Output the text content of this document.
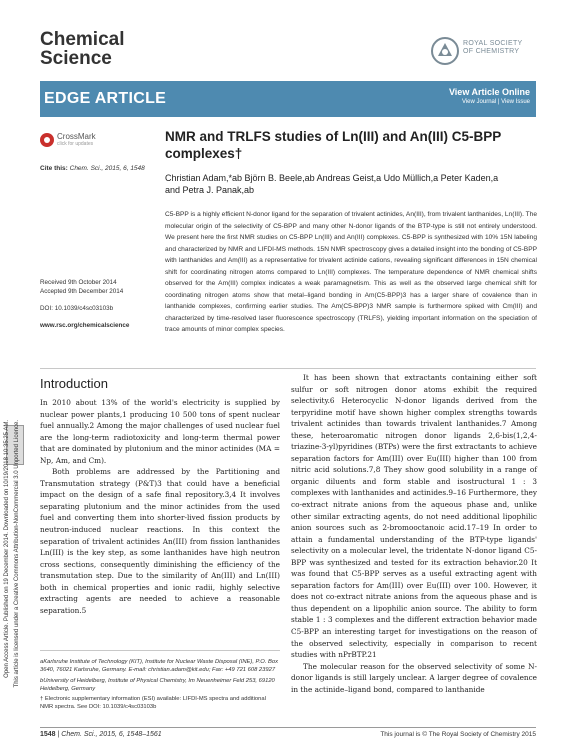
Open Access Article. Published on 19 December 2014. Downloaded on 10/19/2018 10:35:25 AM. This article is licensed under a Creative Commons Attribution-NonCommercial 3.0 Unported Licence.
Chemical
Science
ROYAL SOCIETY
OF CHEMISTRY
EDGE ARTICLE	View Article Online
View Journal | View Issue
CrossMark
click for updates
Cite this: Chem. Sci., 2015, 6, 1548
NMR and TRLFS studies of Ln(III) and An(III) C5-BPP complexes†
Christian Adam,*ab Björn B. Beele,ab Andreas Geist,a Udo Müllich,a Peter Kaden,a
and Petra J. Panak,ab

C5-BPP is a highly efficient N-donor ligand for the separation of trivalent actinides, An(III), from trivalent lanthanides, Ln(III). The molecular origin of the selectivity of C5-BPP and many other N-donor ligands of the BTP-type is still not entirely understood. We present here the first NMR studies on C5-BPP Ln(III) and An(III) complexes. C5-BPP is synthesized with 10% 15N labeling and characterized by NMR and LIFDI-MS methods. 15N NMR spectroscopy gives a detailed insight into the bonding of C5-BPP with lanthanides and Am(III) as a representative for trivalent actinide cations, revealing significant differences in 15N chemical shift for coordinating nitrogen atoms compared to Ln(III) complexes. The temperature dependence of NMR chemical shifts observed for the Am(III) complex indicates a weak paramagnetism. This as well as the observed large chemical shift for coordinating nitrogen atoms show that metal–ligand bonding in Am(C5-BPP)3 has a larger share of covalence than in lanthanide complexes, confirming earlier studies. The Am(C5-BPP)3 NMR sample is furthermore spiked with Cm(III) and characterized by time-resolved laser fluorescence spectroscopy (TRLFS), yielding important information on the speciation of trace amounts of minor complex species.

Received 9th October 2014
Accepted 9th December 2014
DOI: 10.1039/c4sc03103b
www.rsc.org/chemicalscience
Introduction

In 2010 about 13% of the world's electricity is supplied by nuclear power plants,1 producing 10 500 tons of spent nuclear fuel annually.2 Among the major challenges of used nuclear fuel are the long-term radiotoxicity and long-term thermal power that are dominated by plutonium and the minor actinides (MA = Np, Am, and Cm).

Both problems are addressed by the Partitioning and Transmutation strategy (P&T)3 that could have a beneficial impact on the design of a safe final repository.3,4 It involves separating plutonium and the minor actinides from the used fuel and converting them into shorter-lived fission products by neutron-induced nuclear reactions. In this context the separation of trivalent actinides An(III) from fission lanthanides Ln(III) is the key step, as some lanthanides have high neutron cross sections, consequently diminishing the efficiency of the transmutation step. Due to the similarity of An(III) and Ln(III) both in chemical properties and ionic radii, highly selective extracting agents are needed to achieve a reasonable separation.5

It has been shown that extractants containing either soft sulfur or soft nitrogen donor atoms exhibit the required selectivity.6 Heterocyclic N-donor ligands derived from the terpyridine motif have shown higher complex strengths towards trivalent actinides than towards trivalent lanthanides.7 Among these, heteroaromatic nitrogen donor ligands 2,6-bis(1,2,4-triazine-3-yl)pyridines (BTPs) were the first extractants to achieve separation factors for Am(III) over Eu(III) higher than 100 from nitric acid solutions.7,8 They show good solubility in a range of organic diluents and form stable and isostructural 1 : 3 complexes with lanthanides and actinides.9–16 Furthermore, they co-extract nitrate anions from the aqueous phase and, unlike other similar extracting agents, do not need additional lipophilic anion sources such as 2-bromooctanoic acid.17–19 In order to attain a fundamental understanding of the BTP-type ligands' selectivity on a molecular level, the tridentate N-donor ligand C5-BPP was synthesized and tested for its extraction behavior.20 It was found that C5-BPP serves as a useful extracting agent with separation factors for Am(III) over Eu(III) over 100. However, it does not co-extract nitrate anions from the aqueous phase and is thus dependent on a lipophilic anion source. The ability to form stable 1 : 3 complexes and the different extraction behavior made C5-BPP an interesting target for investigations on the reason of the observed selectivity, especially in comparison to recent studies with nPrBTP.21

The molecular reason for the observed selectivity of some N-donor ligands is still largely unclear. A larger degree of covalence in the actinide–ligand bond, compared to lanthanide

aKarlsruhe Institute of Technology (KIT), Institute for Nuclear Waste Disposal (INE), P.O. Box 3640, 76021 Karlsruhe, Germany. E-mail: christian.adam@kit.edu; Fax: +49 721 608 23927

bUniversity of Heidelberg, Institute of Physical Chemistry, Im Neuenheimer Feld 253, 69120 Heidelberg, Germany

† Electronic supplementary information (ESI) available: LIFDI-MS spectra and additional NMR spectra. See DOI: 10.1039/c4sc03103b

1548 | Chem. Sci., 2015, 6, 1548–1561	This journal is © The Royal Society of Chemistry 2015
